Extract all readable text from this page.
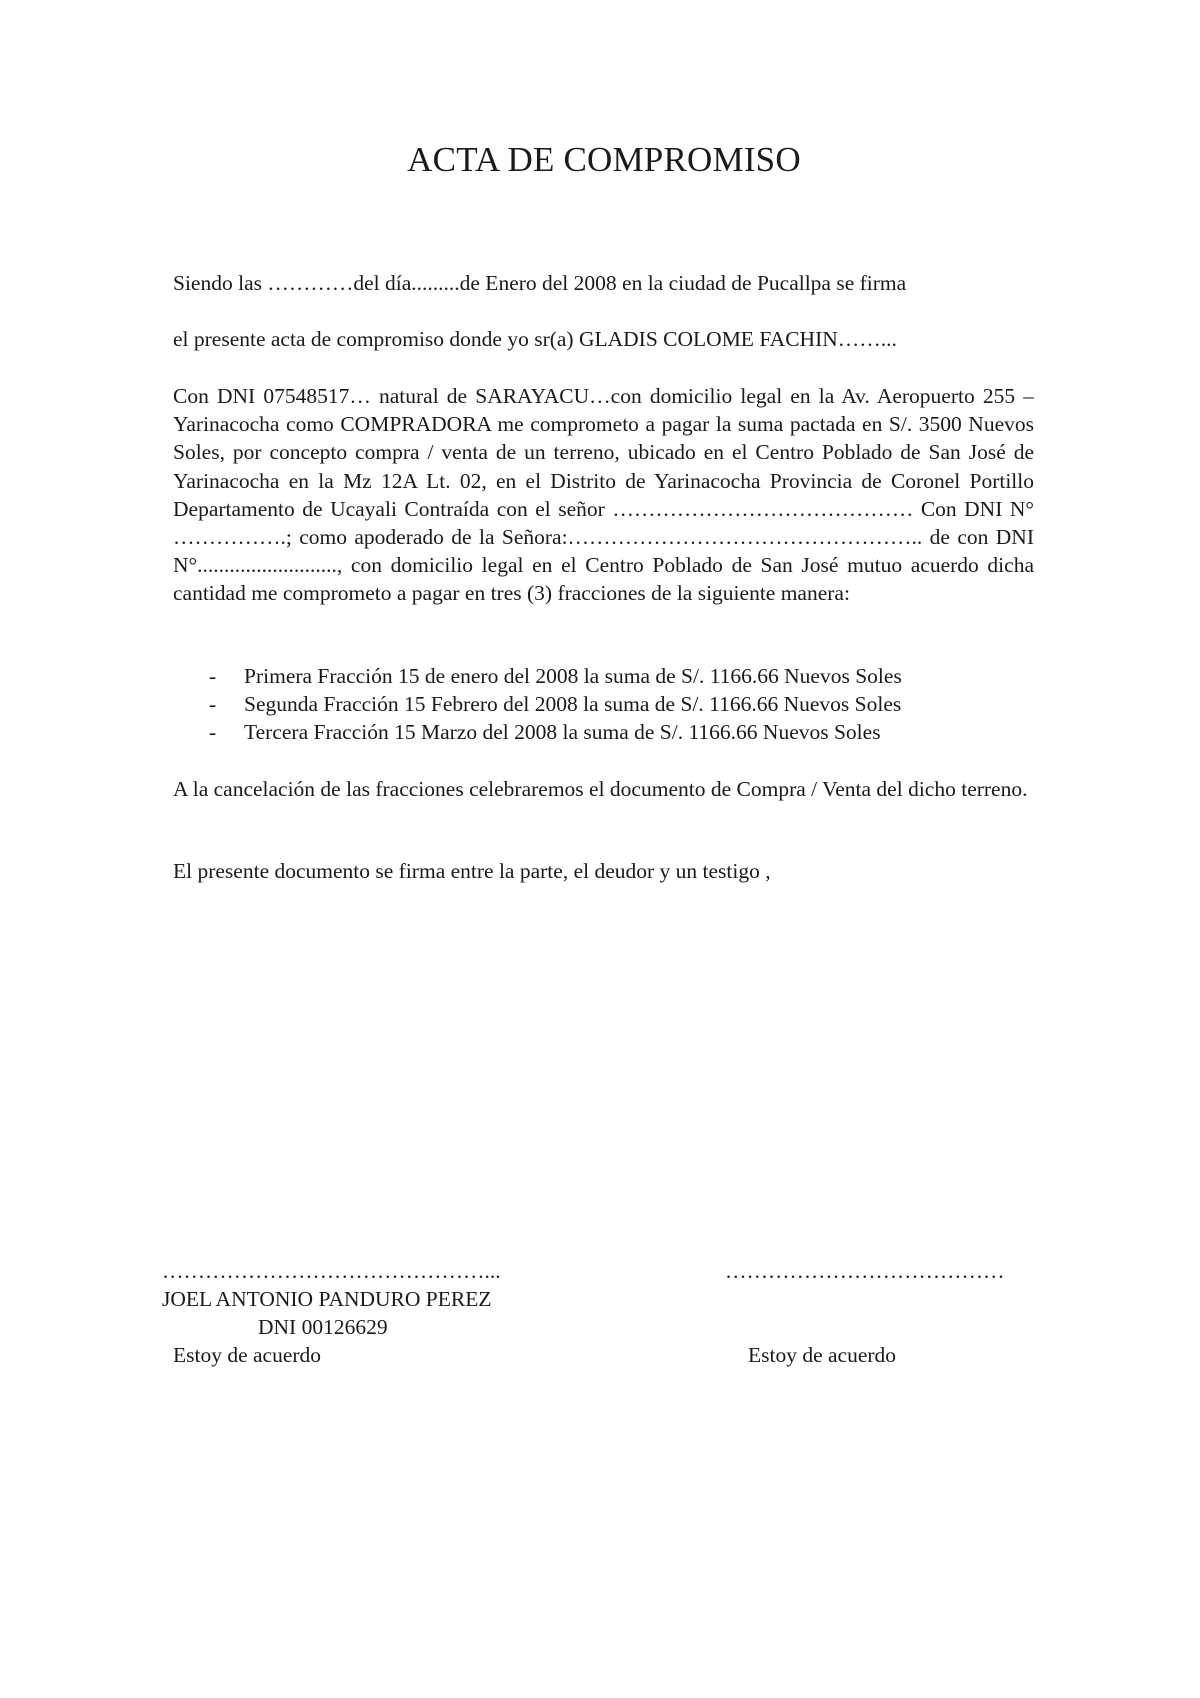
ACTA DE COMPROMISO
Siendo las …………del día.........de Enero del 2008 en la ciudad de Pucallpa se firma
el presente acta de compromiso donde yo sr(a) GLADIS COLOME FACHIN……...
Con DNI 07548517… natural de SARAYACU…con domicilio legal en la Av. Aeropuerto 255 – Yarinacocha como COMPRADORA me comprometo a pagar la suma pactada en S/. 3500 Nuevos Soles, por concepto compra / venta de un terreno, ubicado en el Centro Poblado de San José de Yarinacocha en la Mz 12A Lt. 02, en el Distrito de Yarinacocha Provincia de Coronel Portillo Departamento de Ucayali Contraída con el señor …………………………………… Con DNI N° …………….; como apoderado de la Señora:………………………………………….. de con DNI N°.........................., con domicilio legal en el Centro Poblado de San José mutuo acuerdo dicha cantidad me comprometo a pagar en tres (3) fracciones de la siguiente manera:
- Primera Fracción 15 de enero del 2008 la suma de S/. 1166.66 Nuevos Soles
- Segunda Fracción 15 Febrero del 2008 la suma de S/. 1166.66 Nuevos Soles
- Tercera Fracción 15 Marzo del 2008 la suma de S/. 1166.66 Nuevos Soles
A la cancelación de las fracciones celebraremos el documento de Compra / Venta del dicho terreno.
El presente documento se firma entre la parte, el deudor y un testigo ,
………………………………………...
JOEL ANTONIO PANDURO PEREZ
DNI 00126629
Estoy de acuerdo
…………………………………
Estoy de acuerdo
